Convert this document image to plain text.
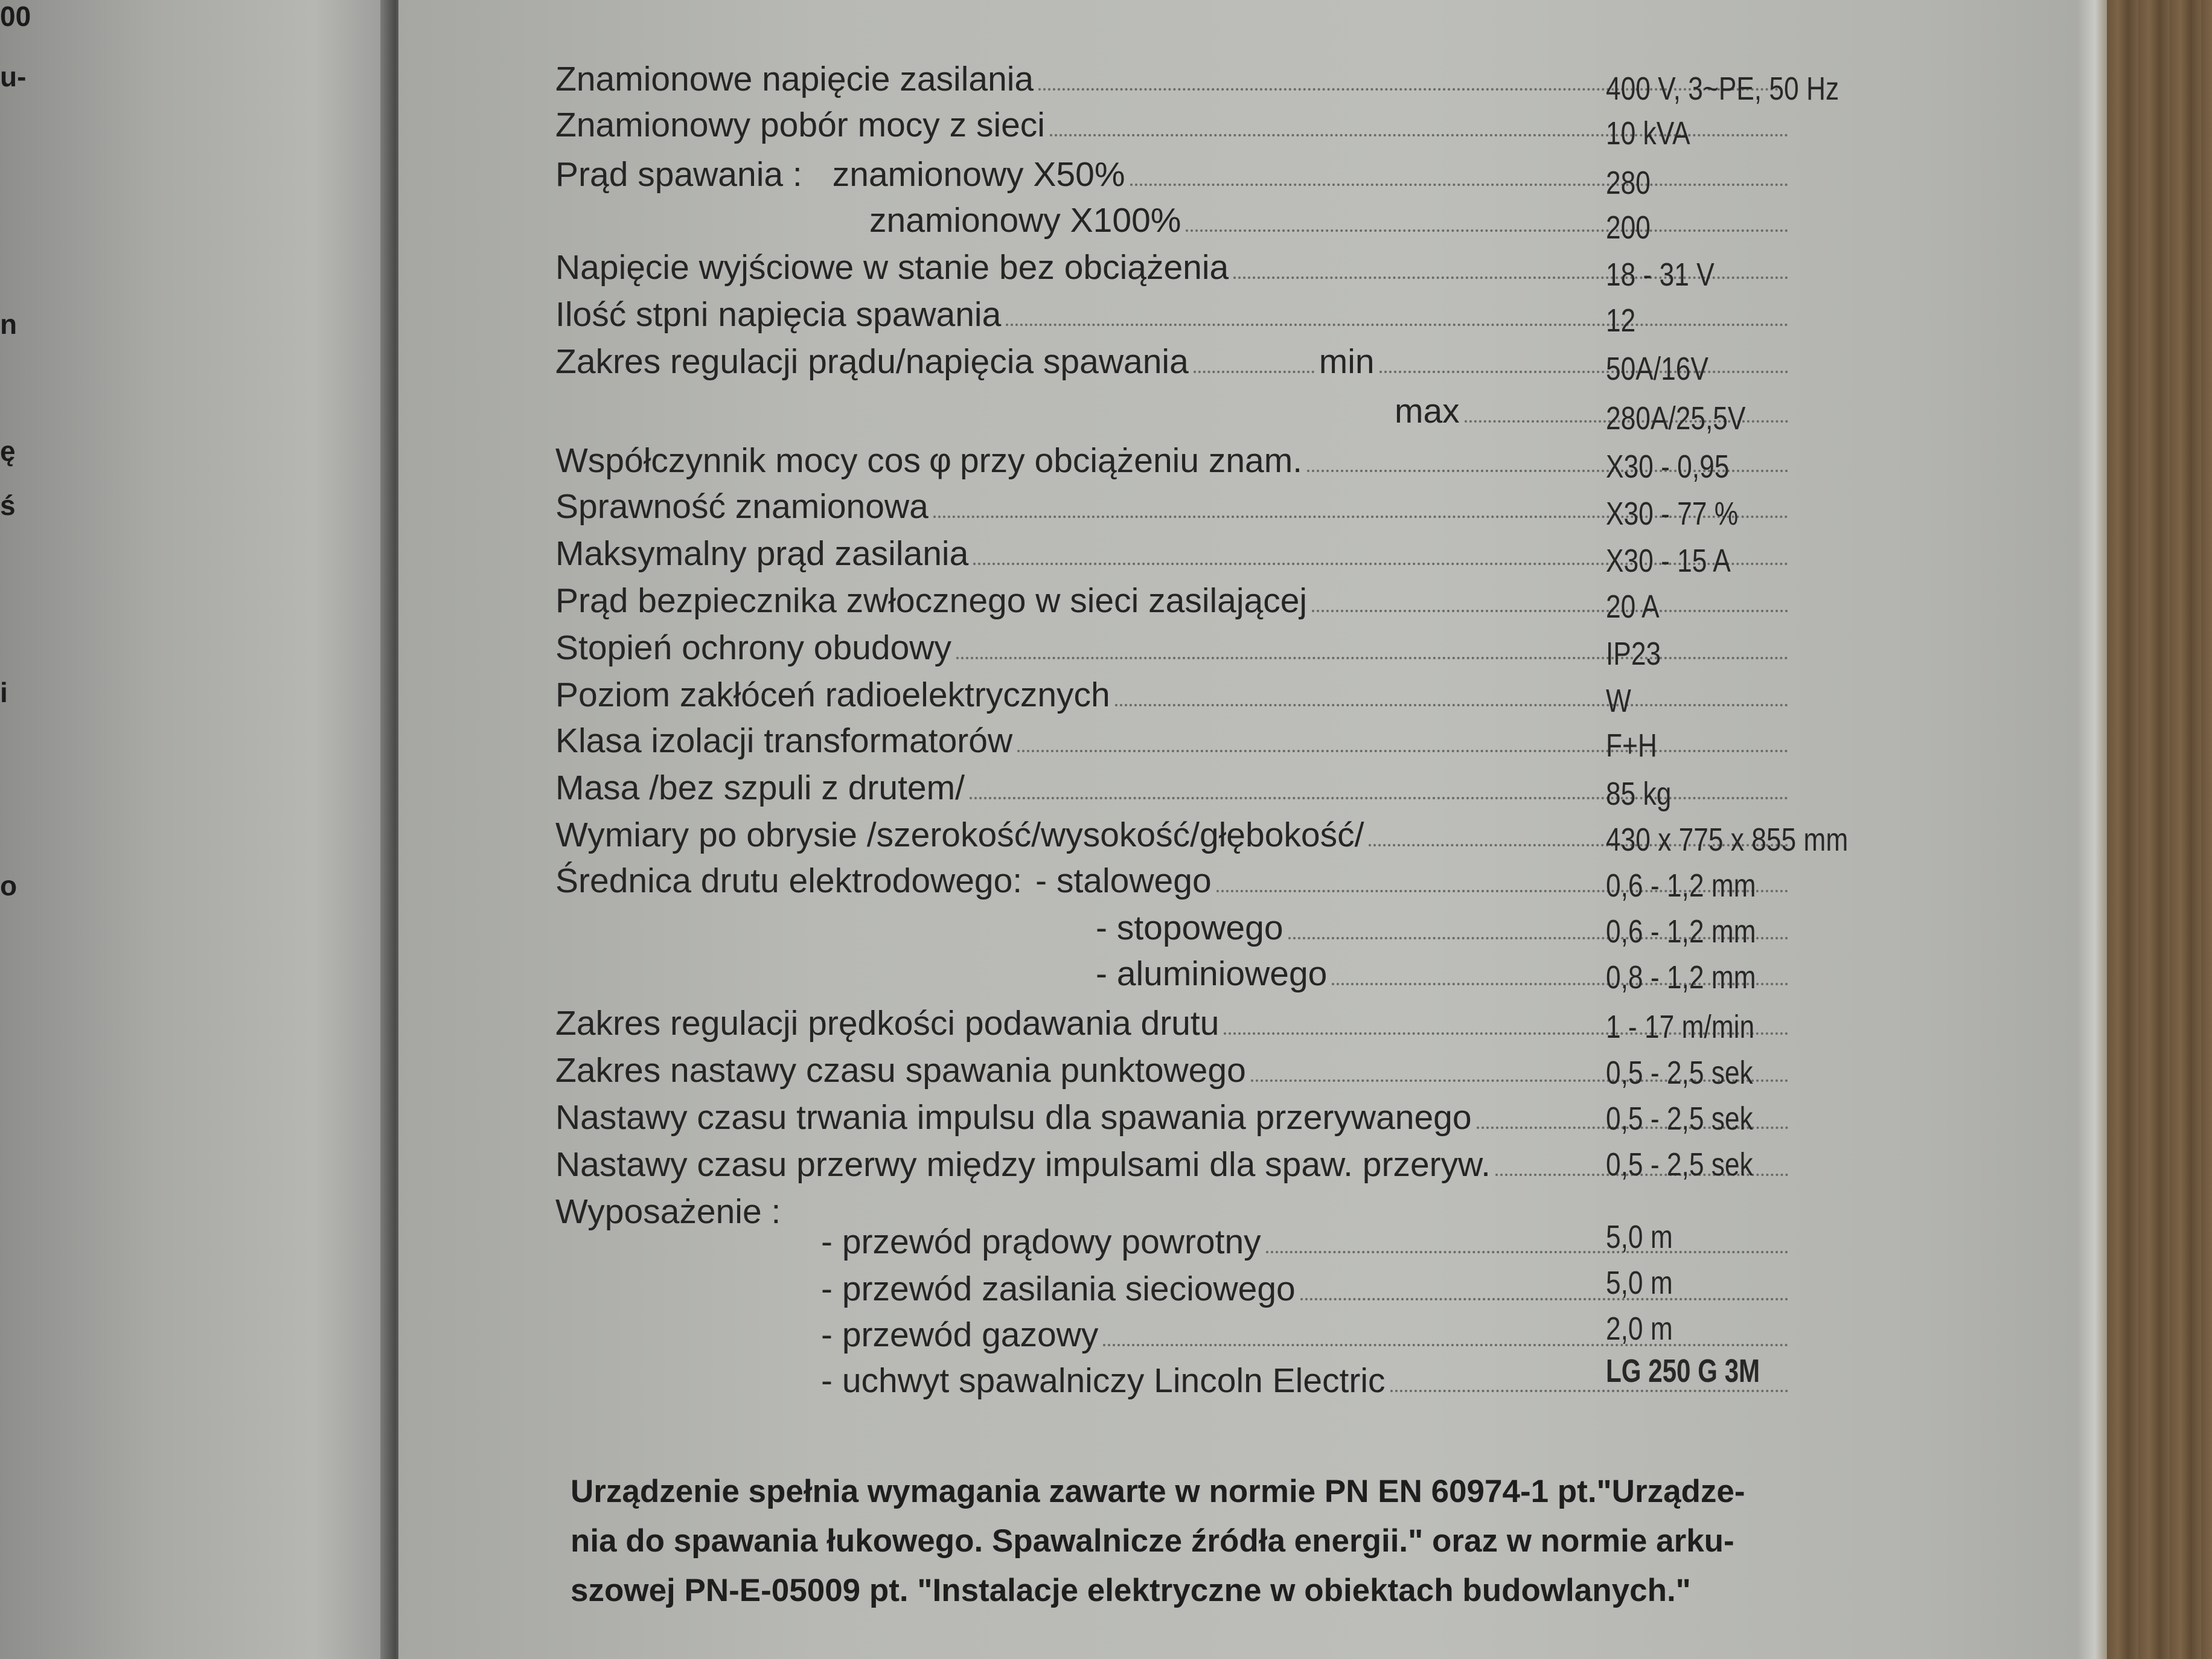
00
u-
n
ę
ś
i
o
Znamionowe napięcie zasilania	400 V, 3~PE, 50 Hz
Znamionowy pobór mocy z sieci	10 kVA
Prąd spawania : znamionowy X50%	280
znamionowy X100%	200
Napięcie wyjściowe w stanie bez obciążenia	18 - 31 V
Ilość stpni napięcia spawania	12
Zakres regulacji prądu/napięcia spawania	min	50A/16V
max	280A/25,5V
Współczynnik mocy cos φ przy obciążeniu znam.	X30 - 0,95
Sprawność znamionowa	X30 - 77 %
Maksymalny prąd zasilania	X30 - 15 A
Prąd bezpiecznika zwłocznego w sieci zasilającej	20 A
Stopień ochrony obudowy	IP23
Poziom zakłóceń radioelektrycznych	W
Klasa izolacji transformatorów	F+H
Masa /bez szpuli z drutem/	85 kg
Wymiary po obrysie /szerokość/wysokość/głębokość/	430 x 775 x 855 mm
Średnica drutu elektrodowego: - stalowego	0,6 - 1,2 mm
- stopowego	0,6 - 1,2 mm
- aluminiowego	0,8 - 1,2 mm
Zakres regulacji prędkości podawania drutu	1 - 17 m/min
Zakres nastawy czasu spawania punktowego	0,5 - 2,5 sek
Nastawy czasu trwania impulsu dla spawania przerywanego	0,5 - 2,5 sek
Nastawy czasu przerwy między impulsami dla spaw. przeryw.	0,5 - 2,5 sek
Wyposażenie :
- przewód prądowy powrotny	5,0 m
- przewód zasilania sieciowego	5,0 m
- przewód gazowy	2,0 m
- uchwyt spawalniczy Lincoln Electric	LG 250 G 3M
Urządzenie spełnia wymagania zawarte w normie PN EN 60974-1 pt."Urządze-
nia do spawania łukowego. Spawalnicze źródła energii." oraz w normie arku-
szowej PN-E-05009 pt. "Instalacje elektryczne w obiektach budowlanych."
